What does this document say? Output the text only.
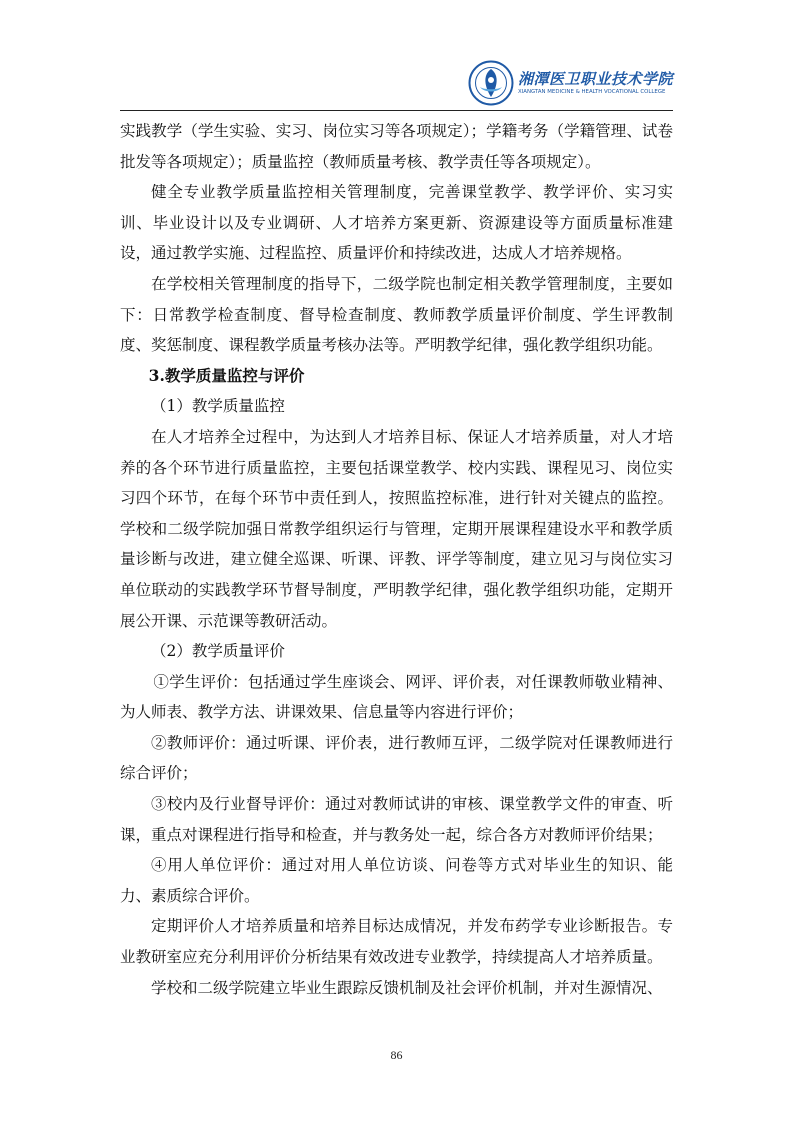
湘潭医卫职业技术学院
XIANGTAN MEDICINE & HEALTH VOCATIONAL COLLEGE

实践教学（学生实验、实习、岗位实习等各项规定）；学籍考务（学籍管理、试卷批发等各项规定）；质量监控（教师质量考核、教学责任等各项规定）。

健全专业教学质量监控相关管理制度，完善课堂教学、教学评价、实习实训、毕业设计以及专业调研、人才培养方案更新、资源建设等方面质量标准建设，通过教学实施、过程监控、质量评价和持续改进，达成人才培养规格。

在学校相关管理制度的指导下，二级学院也制定相关教学管理制度，主要如下：日常教学检查制度、督导检查制度、教师教学质量评价制度、学生评教制度、奖惩制度、课程教学质量考核办法等。严明教学纪律，强化教学组织功能。

3.教学质量监控与评价

（1）教学质量监控

在人才培养全过程中，为达到人才培养目标、保证人才培养质量，对人才培养的各个环节进行质量监控，主要包括课堂教学、校内实践、课程见习、岗位实习四个环节，在每个环节中责任到人，按照监控标准，进行针对关键点的监控。学校和二级学院加强日常教学组织运行与管理，定期开展课程建设水平和教学质量诊断与改进，建立健全巡课、听课、评教、评学等制度，建立见习与岗位实习单位联动的实践教学环节督导制度，严明教学纪律，强化教学组织功能，定期开展公开课、示范课等教研活动。

（2）教学质量评价

①学生评价：包括通过学生座谈会、网评、评价表，对任课教师敬业精神、为人师表、教学方法、讲课效果、信息量等内容进行评价；

②教师评价：通过听课、评价表，进行教师互评，二级学院对任课教师进行综合评价；

③校内及行业督导评价：通过对教师试讲的审核、课堂教学文件的审查、听课，重点对课程进行指导和检查，并与教务处一起，综合各方对教师评价结果；

④用人单位评价：通过对用人单位访谈、问卷等方式对毕业生的知识、能力、素质综合评价。

定期评价人才培养质量和培养目标达成情况，并发布药学专业诊断报告。专业教研室应充分利用评价分析结果有效改进专业教学，持续提高人才培养质量。

学校和二级学院建立毕业生跟踪反馈机制及社会评价机制，并对生源情况、

86
